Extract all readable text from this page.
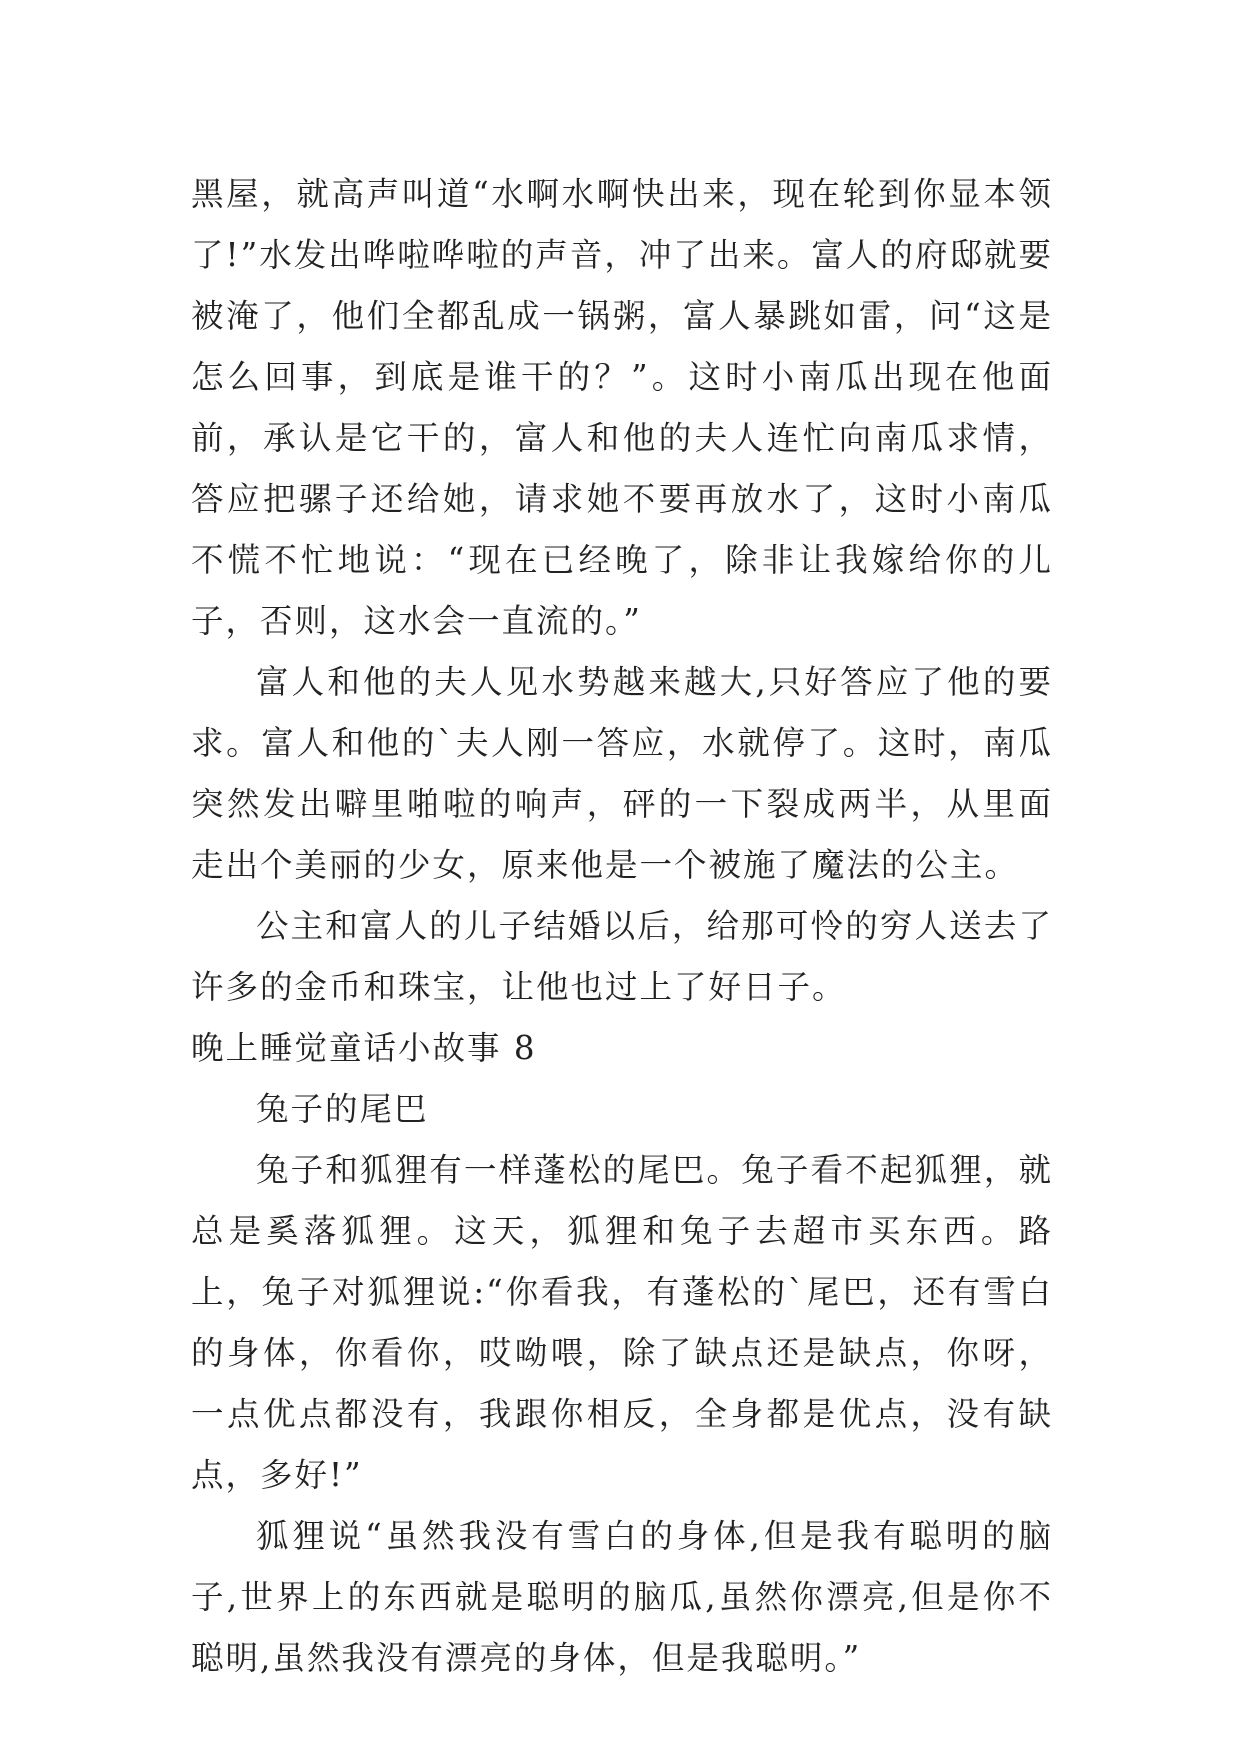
黑屋，就高声叫道“水啊水啊快出来，现在轮到你显本领了!”水发出哗啦哗啦的声音，冲了出来。富人的府邸就要被淹了，他们全都乱成一锅粥，富人暴跳如雷，问“这是怎么回事，到底是谁干的？”。这时小南瓜出现在他面前，承认是它干的，富人和他的夫人连忙向南瓜求情，答应把骡子还给她，请求她不要再放水了，这时小南瓜不慌不忙地说：“现在已经晚了，除非让我嫁给你的儿子，否则，这水会一直流的。”

富人和他的夫人见水势越来越大,只好答应了他的要求。富人和他的`夫人刚一答应，水就停了。这时，南瓜突然发出噼里啪啦的响声，砰的一下裂成两半，从里面走出个美丽的少女，原来他是一个被施了魔法的公主。

公主和富人的儿子结婚以后，给那可怜的穷人送去了许多的金币和珠宝，让他也过上了好日子。

晚上睡觉童话小故事 8

兔子的尾巴

兔子和狐狸有一样蓬松的尾巴。兔子看不起狐狸，就总是奚落狐狸。这天，狐狸和兔子去超市买东西。路上，兔子对狐狸说:“你看我，有蓬松的`尾巴，还有雪白的身体，你看你，哎呦喂，除了缺点还是缺点，你呀，一点优点都没有，我跟你相反，全身都是优点，没有缺点，多好!”

狐狸说“虽然我没有雪白的身体,但是我有聪明的脑子,世界上的东西就是聪明的脑瓜,虽然你漂亮,但是你不聪明,虽然我没有漂亮的身体，但是我聪明。”
